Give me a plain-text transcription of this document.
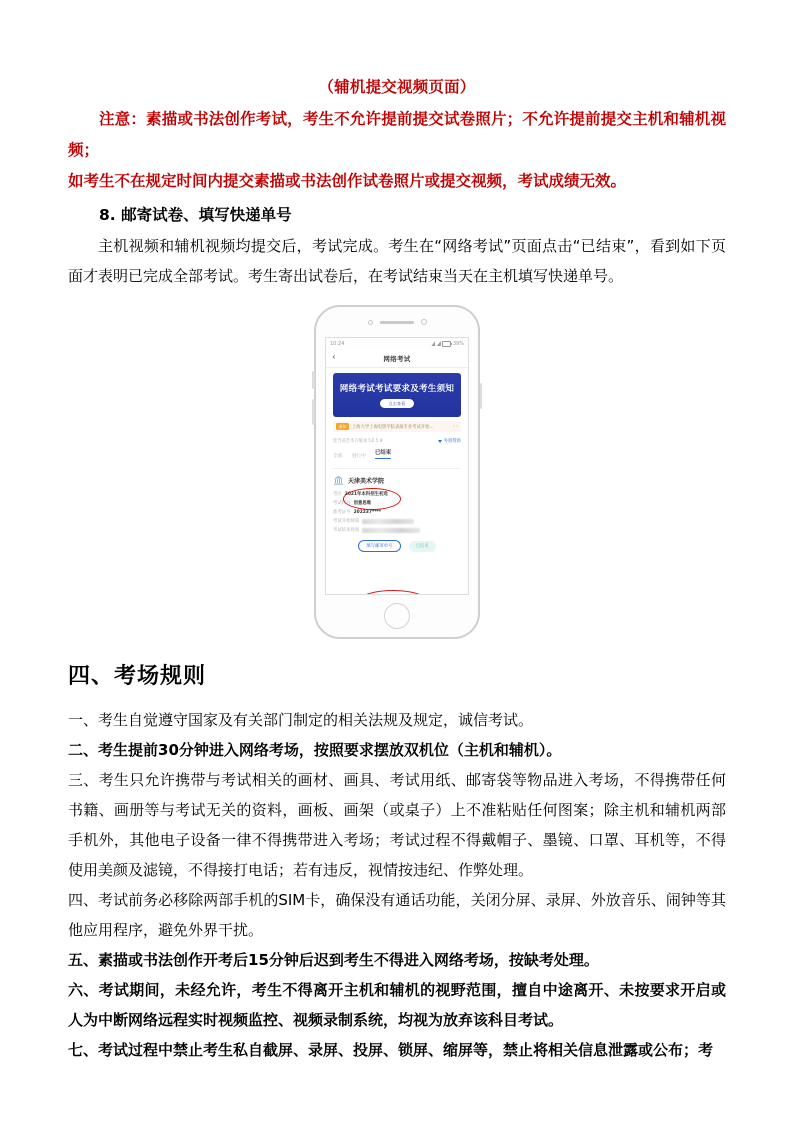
（辅机提交视频页面）
注意：素描或书法创作考试，考生不允许提前提交试卷照片；不允许提前提交主机和辅机视频；
如考生不在规定时间内提交素描或书法创作试卷照片或提交视频，考试成绩无效。
8. 邮寄试卷、填写快递单号
主机视频和辅机视频均提交后，考试完成。考生在“网络考试”页面点击“已结束”，看到如下页面才表明已完成全部考试。考生寄出试卷后，在考试结束当天在主机填写快递单号。
10:24	39%
‹	网络考试
网络考试考试要求及考生须知
点击查看
通知	上海大学上海电影学院表演专业考试开始...	› ›
您当前艺术升版本为2.5.9	外链帮助
全部 进行中
已结束
天津美术学院
考区 2021年本科招生初选
考试科目 创意思维
准考证号 202237****
考试开始时间
考试结束时间
填写邮寄单号	已结束
四、考场规则
一、考生自觉遵守国家及有关部门制定的相关法规及规定，诚信考试。
二、考生提前30分钟进入网络考场，按照要求摆放双机位（主机和辅机）。
三、考生只允许携带与考试相关的画材、画具、考试用纸、邮寄袋等物品进入考场，不得携带任何书籍、画册等与考试无关的资料，画板、画架（或桌子）上不准粘贴任何图案；除主机和辅机两部手机外，其他电子设备一律不得携带进入考场；考试过程不得戴帽子、墨镜、口罩、耳机等，不得使用美颜及滤镜，不得接打电话；若有违反，视情按违纪、作弊处理。
四、考试前务必移除两部手机的SIM卡，确保没有通话功能，关闭分屏、录屏、外放音乐、闹钟等其他应用程序，避免外界干扰。
五、素描或书法创作开考后15分钟后迟到考生不得进入网络考场，按缺考处理。
六、考试期间，未经允许，考生不得离开主机和辅机的视野范围，擅自中途离开、未按要求开启或人为中断网络远程实时视频监控、视频录制系统，均视为放弃该科目考试。
七、考试过程中禁止考生私自截屏、录屏、投屏、锁屏、缩屏等，禁止将相关信息泄露或公布；考
